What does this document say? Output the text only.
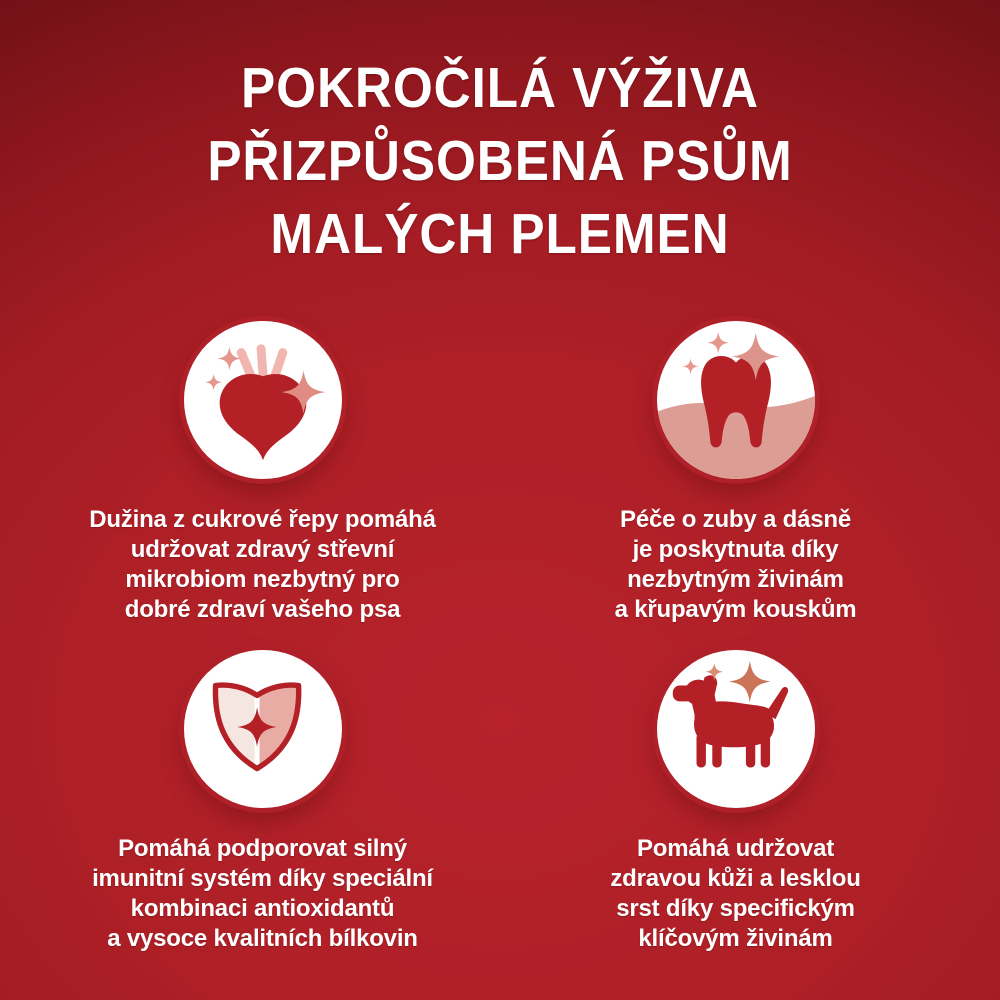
POKROČILÁ VÝŽIVA
PŘIZPŮSOBENÁ PSŮM
MALÝCH PLEMEN
Dužina z cukrové řepy pomáhá
udržovat zdravý střevní
mikrobiom nezbytný pro
dobré zdraví vašeho psa
Péče o zuby a dásně
je poskytnuta díky
nezbytným živinám
a křupavým kouskům
Pomáhá podporovat silný
imunitní systém díky speciální
kombinaci antioxidantů
a vysoce kvalitních bílkovin
Pomáhá udržovat
zdravou kůži a lesklou
srst díky specifickým
klíčovým živinám
